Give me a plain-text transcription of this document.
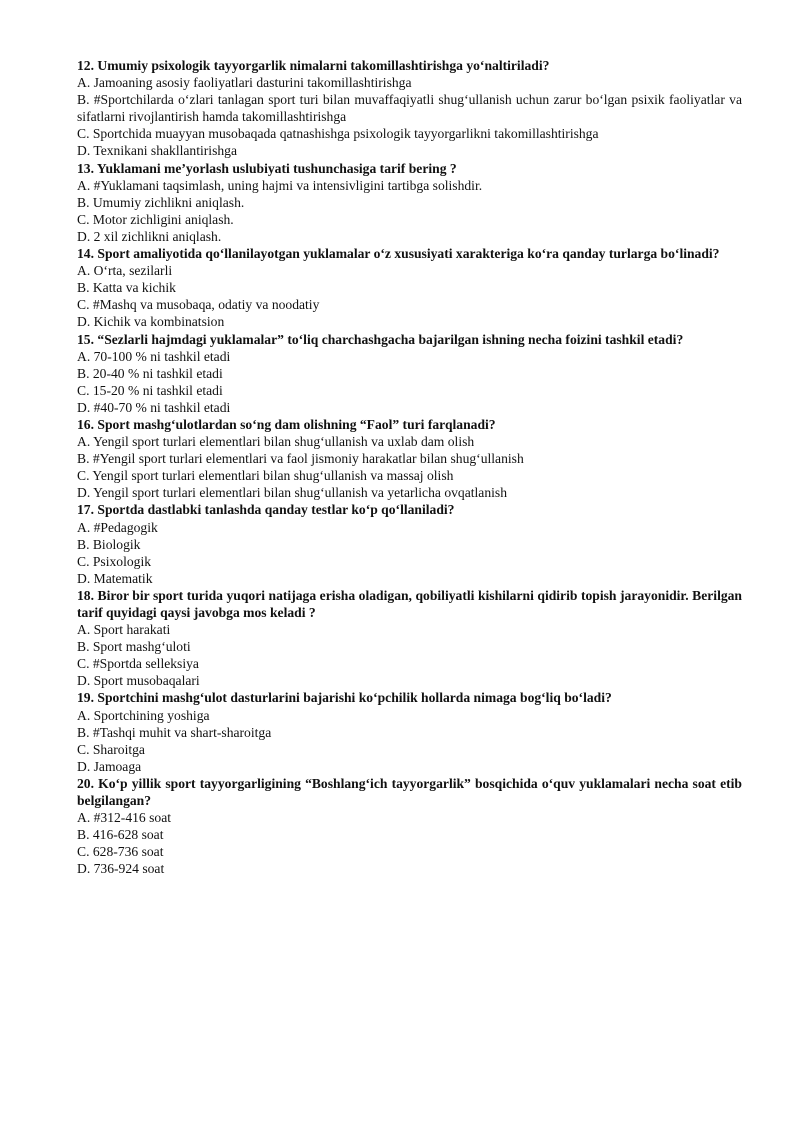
12. Umumiy psixologik tayyorgarlik nimalarni takomillashtirishga yo‘naltiriladi?
A. Jamoaning asosiy faoliyatlari dasturini takomillashtirishga
B. #Sportchilarda o‘zlari tanlagan sport turi bilan muvaffaqiyatli shug‘ullanish uchun zarur bo‘lgan psixik faoliyatlar va sifatlarni rivojlantirish hamda takomillashtirishga
C. Sportchida muayyan musobaqada qatnashishga psixologik tayyorgarlikni takomillashtirishga
D. Texnikani shakllantirishga
13. Yuklamani me’yorlash uslubiyati tushunchasiga tarif bering ?
A. #Yuklamani taqsimlash, uning hajmi va intensivligini tartibga solishdir.
B. Umumiy zichlikni aniqlash.
C. Motor zichligini aniqlash.
D. 2 xil zichlikni aniqlash.
14. Sport amaliyotida qo‘llanilayotgan yuklamalar o‘z xususiyati xarakteriga ko‘ra qanday turlarga bo‘linadi?
A. O‘rta, sezilarli
B. Katta va kichik
C. #Mashq va musobaqa, odatiy va noodatiy
D. Kichik va kombinatsion
15. “Sezlarli hajmdagi yuklamalar” to‘liq charchashgacha bajarilgan ishning necha foizini tashkil etadi?
A. 70-100 % ni tashkil etadi
B. 20-40 % ni tashkil etadi
C. 15-20 % ni tashkil etadi
D. #40-70 % ni tashkil etadi
16. Sport mashg‘ulotlardan so‘ng dam olishning “Faol” turi farqlanadi?
A. Yengil sport turlari elementlari bilan shug‘ullanish va uxlab dam olish
B. #Yengil sport turlari elementlari va faol jismoniy harakatlar bilan shug‘ullanish
C. Yengil sport turlari elementlari bilan shug‘ullanish va massaj olish
D. Yengil sport turlari elementlari bilan shug‘ullanish va yetarlicha ovqatlanish
17. Sportda dastlabki tanlashda qanday testlar ko‘p qo‘llaniladi?
A. #Pedagogik
B. Biologik
C. Psixologik
D. Matematik
18. Biror bir sport turida yuqori natijaga erisha oladigan, qobiliyatli kishilarni qidirib topish jarayonidir. Berilgan tarif quyidagi qaysi javobga mos keladi ?
A. Sport harakati
B. Sport mashg‘uloti
C. #Sportda selleksiya
D. Sport musobaqalari
19. Sportchini mashg‘ulot dasturlarini bajarishi ko‘pchilik hollarda nimaga bog‘liq bo‘ladi?
A. Sportchining yoshiga
B. #Tashqi muhit va shart-sharoitga
C. Sharoitga
D. Jamoaga
20. Ko‘p yillik sport tayyorgarligining “Boshlang‘ich tayyorgarlik” bosqichida o‘quv yuklamalari necha soat etib belgilangan?
A. #312-416 soat
B. 416-628 soat
C. 628-736 soat
D. 736-924 soat
